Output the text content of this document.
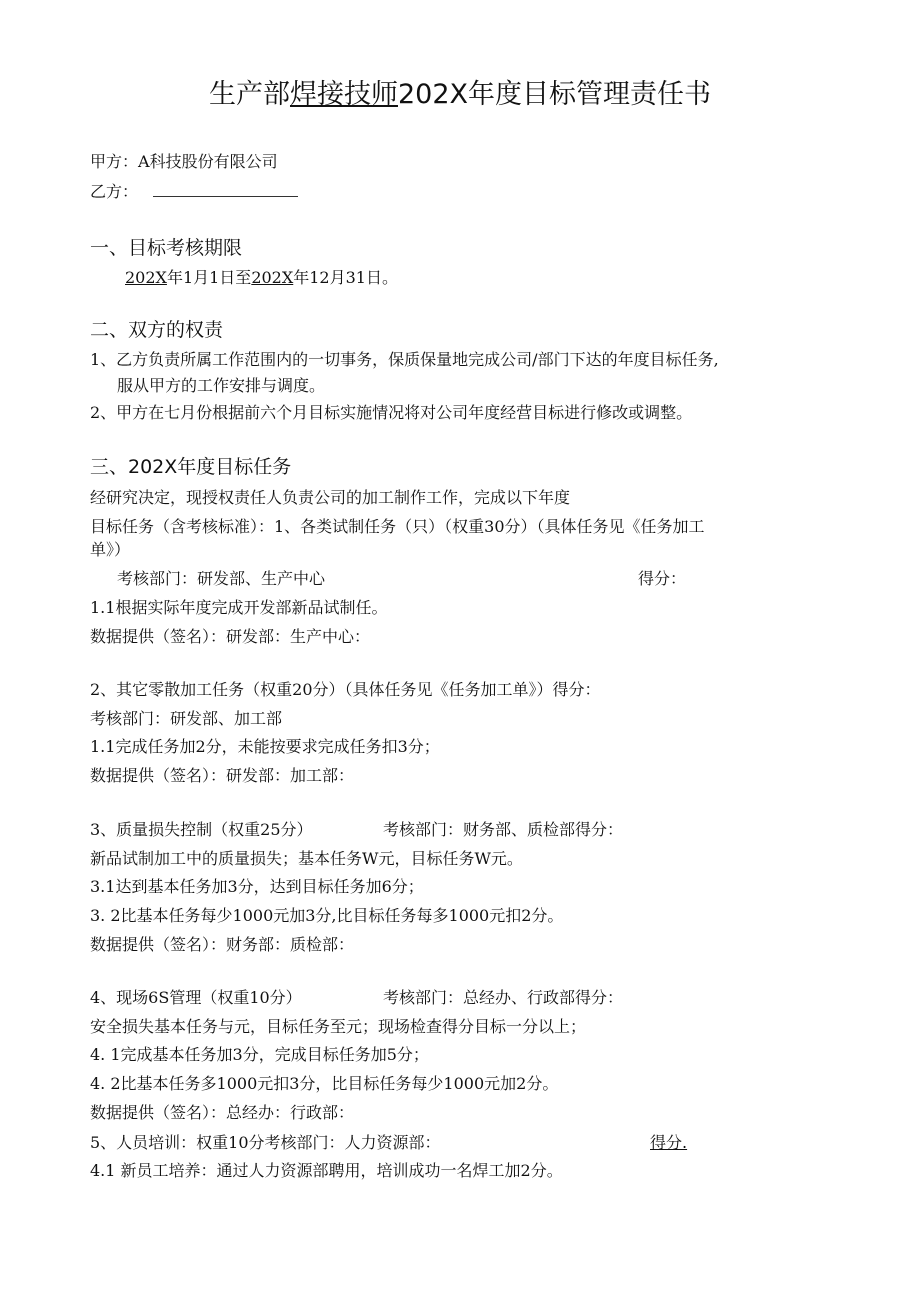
生产部焊接技师202X年度目标管理责任书
甲方：A科技股份有限公司
乙方：
一、目标考核期限
202X年1月1日至202X年12月31日。
二、双方的权责
1、乙方负责所属工作范围内的一切事务，保质保量地完成公司/部门下达的年度目标任务,
服从甲方的工作安排与调度。
2、甲方在七月份根据前六个月目标实施情况将对公司年度经营目标进行修改或调整。
三、202X年度目标任务
经研究决定，现授权责任人负责公司的加工制作工作，完成以下年度
目标任务（含考核标准）：1、各类试制任务（只）（权重30分）（具体任务见《任务加工
单》）
考核部门：研发部、生产中心	得分：
1.1根据实际年度完成开发部新品试制任。
数据提供（签名）：研发部：生产中心：
2、其它零散加工任务（权重20分）（具体任务见《任务加工单》）得分：
考核部门：研发部、加工部
1.1完成任务加2分，未能按要求完成任务扣3分；
数据提供（签名）：研发部：加工部：
3、质量损失控制（权重25分）	考核部门：财务部、质检部得分：
新品试制加工中的质量损失；基本任务W元，目标任务W元。
3.1达到基本任务加3分，达到目标任务加6分；
3. 2比基本任务每少1000元加3分,比目标任务每多1000元扣2分。
数据提供（签名）：财务部：质检部：
4、现场6S管理（权重10分）	考核部门：总经办、行政部得分：
安全损失基本任务与元，目标任务至元；现场检查得分目标一分以上；
4. 1完成基本任务加3分，完成目标任务加5分；
4. 2比基本任务多1000元扣3分，比目标任务每少1000元加2分。
数据提供（签名）：总经办：行政部：
5、人员培训：权重10分考核部门：人力资源部：	得分.
4.1 新员工培养：通过人力资源部聘用，培训成功一名焊工加2分。
